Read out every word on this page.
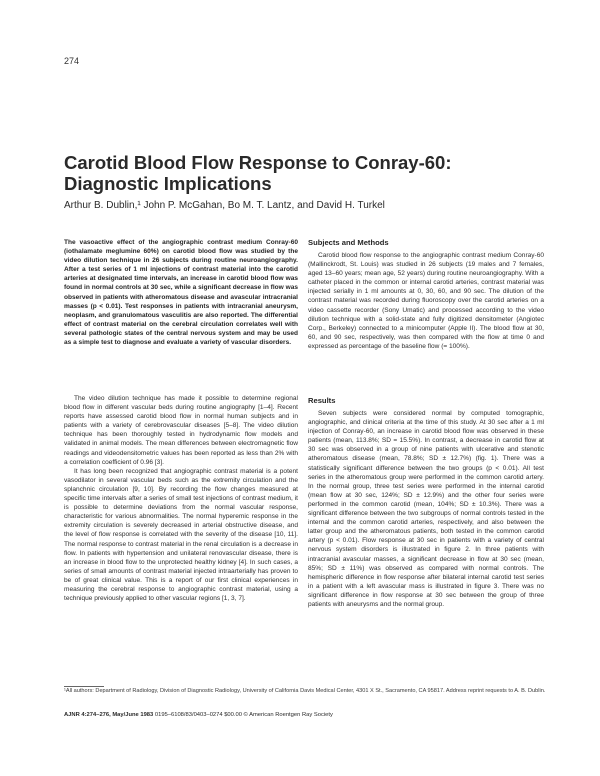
274
Carotid Blood Flow Response to Conray-60: Diagnostic Implications
Arthur B. Dublin,¹ John P. McGahan, Bo M. T. Lantz, and David H. Turkel
The vasoactive effect of the angiographic contrast medium Conray-60 (iothalamate meglumine 60%) on carotid blood flow was studied by the video dilution technique in 26 subjects during routine neuroangiography. After a test series of 1 ml injections of contrast material into the carotid arteries at designated time intervals, an increase in carotid blood flow was found in normal controls at 30 sec, while a significant decrease in flow was observed in patients with atheromatous disease and avascular intracranial masses (p < 0.01). Test responses in patients with intracranial aneurysm, neoplasm, and granulomatous vasculitis are also reported. The differential effect of contrast material on the cerebral circulation correlates well with several pathologic states of the central nervous system and may be used as a simple test to diagnose and evaluate a variety of vascular disorders.

The video dilution technique has made it possible to determine regional blood flow in different vascular beds during routine angiography [1–4]. Recent reports have assessed carotid blood flow in normal human subjects and in patients with a variety of cerebrovascular diseases [5–8]. The video dilution technique has been thoroughly tested in hydrodynamic flow models and validated in animal models. The mean differences between electromagnetic flow readings and videodensitometric values has been reported as less than 2% with a correlation coefficient of 0.96 [3].

It has long been recognized that angiographic contrast material is a potent vasodilator in several vascular beds such as the extremity circulation and the splanchnic circulation [9, 10]. By recording the flow changes measured at specific time intervals after a series of small test injections of contrast medium, it is possible to determine deviations from the normal vascular response, characteristic for various abnormalities. The normal hyperemic response in the extremity circulation is severely decreased in arterial obstructive disease, and the level of flow response is correlated with the severity of the disease [10, 11]. The normal response to contrast material in the renal circulation is a decrease in flow. In patients with hypertension and unilateral renovascular disease, there is an increase in blood flow to the unprotected healthy kidney [4]. In such cases, a series of small amounts of contrast material injected intraarterially has proven to be of great clinical value. This is a report of our first clinical experiences in measuring the cerebral response to angiographic contrast material, using a technique previously applied to other vascular regions [1, 3, 7].

Subjects and Methods

Carotid blood flow response to the angiographic contrast medium Conray-60 (Mallinckrodt, St. Louis) was studied in 26 subjects (19 males and 7 females, aged 13–60 years; mean age, 52 years) during routine neuroangiography. With a catheter placed in the common or internal carotid arteries, contrast material was injected serially in 1 ml amounts at 0, 30, 60, and 90 sec. The dilution of the contrast material was recorded during fluoroscopy over the carotid arteries on a video cassette recorder (Sony Umatic) and processed according to the video dilution technique with a solid-state and fully digitized densitometer (Angiotec Corp., Berkeley) connected to a minicomputer (Apple II). The blood flow at 30, 60, and 90 sec, respectively, was then compared with the flow at time 0 and expressed as percentage of the baseline flow (= 100%).

Results

Seven subjects were considered normal by computed tomographic, angiographic, and clinical criteria at the time of this study. At 30 sec after a 1 ml injection of Conray-60, an increase in carotid blood flow was observed in these patients (mean, 113.8%; SD = 15.5%). In contrast, a decrease in carotid flow at 30 sec was observed in a group of nine patients with ulcerative and stenotic atheromatous disease (mean, 78.8%; SD ± 12.7%) (fig. 1). There was a statistically significant difference between the two groups (p < 0.01). All test series in the atheromatous group were performed in the common carotid artery. In the normal group, three test series were performed in the internal carotid (mean flow at 30 sec, 124%; SD ± 12.9%) and the other four series were performed in the common carotid (mean, 104%; SD ± 10.3%). There was a significant difference between the two subgroups of normal controls tested in the internal and the common carotid arteries, respectively, and also between the latter group and the atheromatous patients, both tested in the common carotid artery (p < 0.01). Flow response at 30 sec in patients with a variety of central nervous system disorders is illustrated in figure 2. In three patients with intracranial avascular masses, a significant decrease in flow at 30 sec (mean, 85%; SD ± 11%) was observed as compared with normal controls. The hemispheric difference in flow response after bilateral internal carotid test series in a patient with a left avascular mass is illustrated in figure 3. There was no significant difference in flow response at 30 sec between the group of three patients with aneurysms and the normal group.

¹All authors: Department of Radiology, Division of Diagnostic Radiology, University of California Davis Medical Center, 4301 X St., Sacramento, CA 95817. Address reprint requests to A. B. Dublin.
AJNR 4:274–276, May/June 1983 0195–6108/83/0403–0274 $00.00 © American Roentgen Ray Society
